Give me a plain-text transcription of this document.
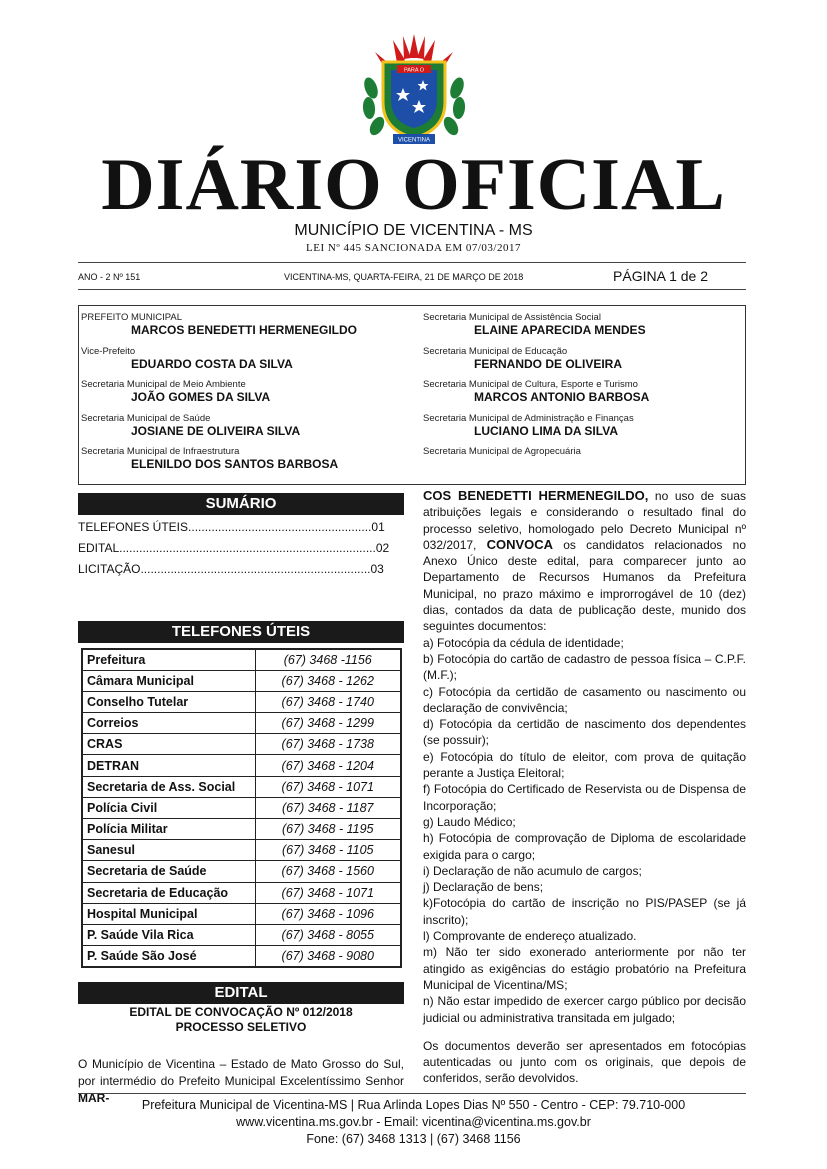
PARA O
VICENTINA
DIÁRIO OFICIAL
MUNICÍPIO DE VICENTINA - MS
LEI Nº 445 SANCIONADA EM 07/03/2017
ANO - 2 Nº 151	VICENTINA-MS, QUARTA-FEIRA, 21 DE MARÇO DE 2018	PÁGINA 1 de 2
PREFEITO MUNICIPAL
MARCOS BENEDETTI HERMENEGILDO
Vice-Prefeito
EDUARDO COSTA DA SILVA
Secretaria Municipal de Meio Ambiente
JOÃO GOMES DA SILVA
Secretaria Municipal de Saúde
JOSIANE DE OLIVEIRA SILVA
Secretaria Municipal de Infraestrutura
ELENILDO DOS SANTOS BARBOSA
Secretaria Municipal de Assistência Social
ELAINE APARECIDA MENDES
Secretaria Municipal de Educação
FERNANDO DE OLIVEIRA
Secretaria Municipal de Cultura, Esporte e Turismo
MARCOS ANTONIO BARBOSA
Secretaria Municipal de Administração e Finanças
LUCIANO LIMA DA SILVA
Secretaria Municipal de Agropecuária
SUMÁRIO
TELEFONES ÚTEIS.......................................................01
EDITAL.............................................................................02
LICITAÇÃO.....................................................................03
TELEFONES ÚTEIS
Prefeitura	(67) 3468 -1156
Câmara Municipal	(67) 3468 - 1262
Conselho Tutelar	(67) 3468 - 1740
Correios	(67) 3468 - 1299
CRAS	(67) 3468 - 1738
DETRAN	(67) 3468 - 1204
Secretaria de Ass. Social	(67) 3468 - 1071
Polícia Civil	(67) 3468 - 1187
Polícia Militar	(67) 3468 - 1195
Sanesul	(67) 3468 - 1105
Secretaria de Saúde	(67) 3468 - 1560
Secretaria de Educação	(67) 3468 - 1071
Hospital Municipal	(67) 3468 - 1096
P. Saúde Vila Rica	(67) 3468 - 8055
P. Saúde São José	(67) 3468 - 9080
EDITAL
EDITAL DE CONVOCAÇÃO Nº 012/2018
PROCESSO SELETIVO
O Município de Vicentina – Estado de Mato Grosso do Sul, por intermédio do Prefeito Municipal Excelentíssimo Senhor MAR-

COS BENEDETTI HERMENEGILDO, no uso de suas atribuições legais e considerando o resultado final do processo seletivo, homologado pelo Decreto Municipal nº 032/2017, CONVOCA os candidatos relacionados no Anexo Único deste edital, para comparecer junto ao Departamento de Recursos Humanos da Prefeitura Municipal, no prazo máximo e improrrogável de 10 (dez) dias, contados da data de publicação deste, munido dos seguintes documentos:

a) Fotocópia da cédula de identidade;

b) Fotocópia do cartão de cadastro de pessoa física – C.P.F.(M.F.);

c) Fotocópia da certidão de casamento ou nascimento ou declaração de convivência;

d) Fotocópia da certidão de nascimento dos dependentes (se possuir);

e) Fotocópia do título de eleitor, com prova de quitação perante a Justiça Eleitoral;

f) Fotocópia do Certificado de Reservista ou de Dispensa de Incorporação;

g) Laudo Médico;

h) Fotocópia de comprovação de Diploma de escolaridade exigida para o cargo;

i) Declaração de não acumulo de cargos;

j) Declaração de bens;

k)Fotocópia do cartão de inscrição no PIS/PASEP (se já inscrito);

l) Comprovante de endereço atualizado.

m) Não ter sido exonerado anteriormente por não ter atingido as exigências do estágio probatório na Prefeitura Municipal de Vicentina/MS;

n) Não estar impedido de exercer cargo público por decisão judicial ou administrativa transitada em julgado;

Os documentos deverão ser apresentados em fotocópias autenticadas ou junto com os originais, que depois de conferidos, serão devolvidos.

Prefeitura Municipal de Vicentina-MS | Rua Arlinda Lopes Dias Nº 550 - Centro - CEP: 79.710-000
www.vicentina.ms.gov.br - Email: vicentina@vicentina.ms.gov.br
Fone: (67) 3468 1313 | (67) 3468 1156
